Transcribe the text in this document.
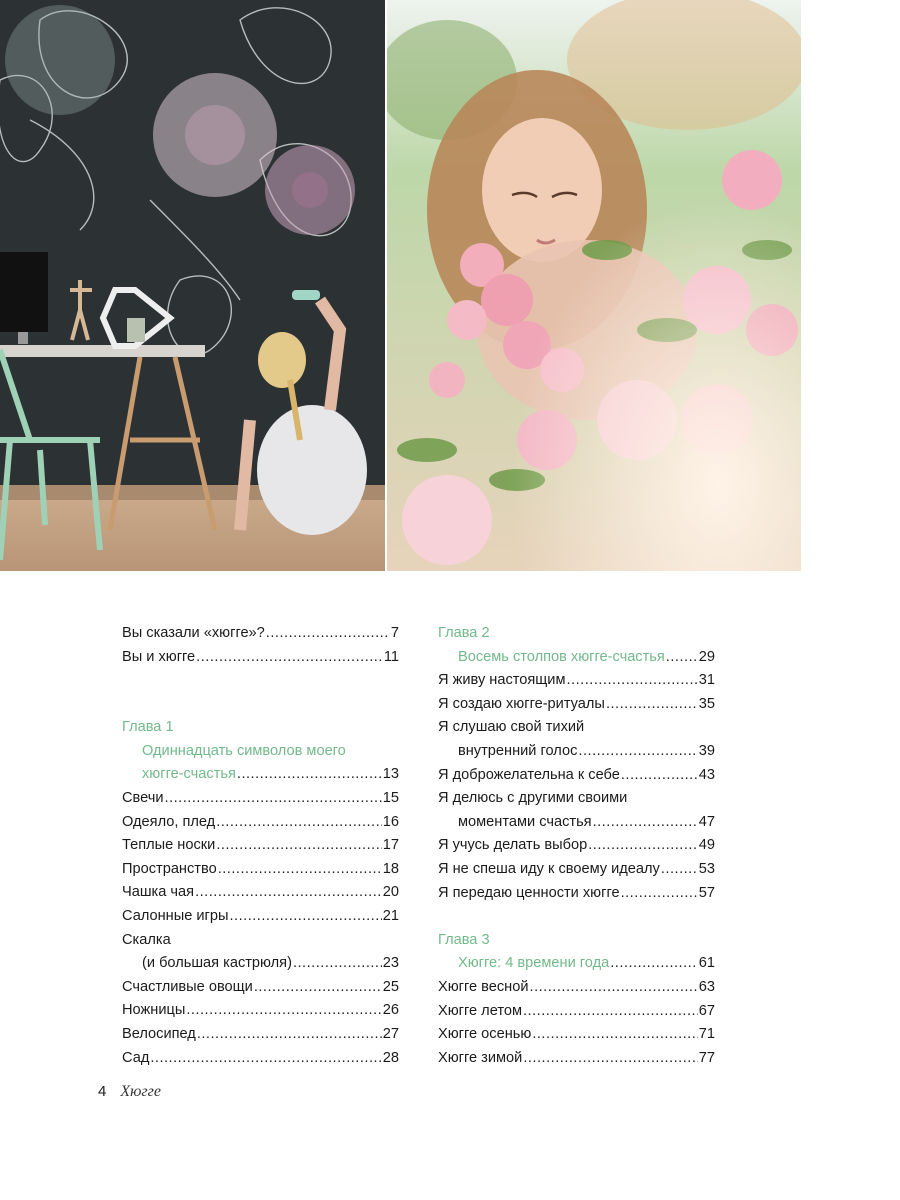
Вы сказали «хюгге»? .....	7
Вы и хюгге .....	11
Глава 1
Одиннадцать символов моего
хюгге-счастья .....	13
Свечи .....	15
Одеяло, плед .....	16
Теплые носки .....	17
Пространство .....	18
Чашка чая .....	20
Салонные игры .....	21
Скалка
(и большая кастрюля) .....	23
Счастливые овощи .....	25
Ножницы .....	26
Велосипед .....	27
Сад .....	28
Глава 2
Восемь столпов хюгге-счастья ..... 29
Я живу настоящим .....	31
Я создаю хюгге-ритуалы .....	35
Я слушаю свой тихий
внутренний голос .....	39
Я доброжелательна к себе .....	43
Я делюсь с другими своими
моментами счастья .....	47
Я учусь делать выбор .....	49
Я не спеша иду к своему идеалу .....	53
Я передаю ценности хюгге .....	57
Глава 3
Хюгге: 4 времени года .....	61
Хюгге весной .....	63
Хюгге летом .....	67
Хюгге осенью .....	71
Хюгге зимой .....	77
4 Хюгге
